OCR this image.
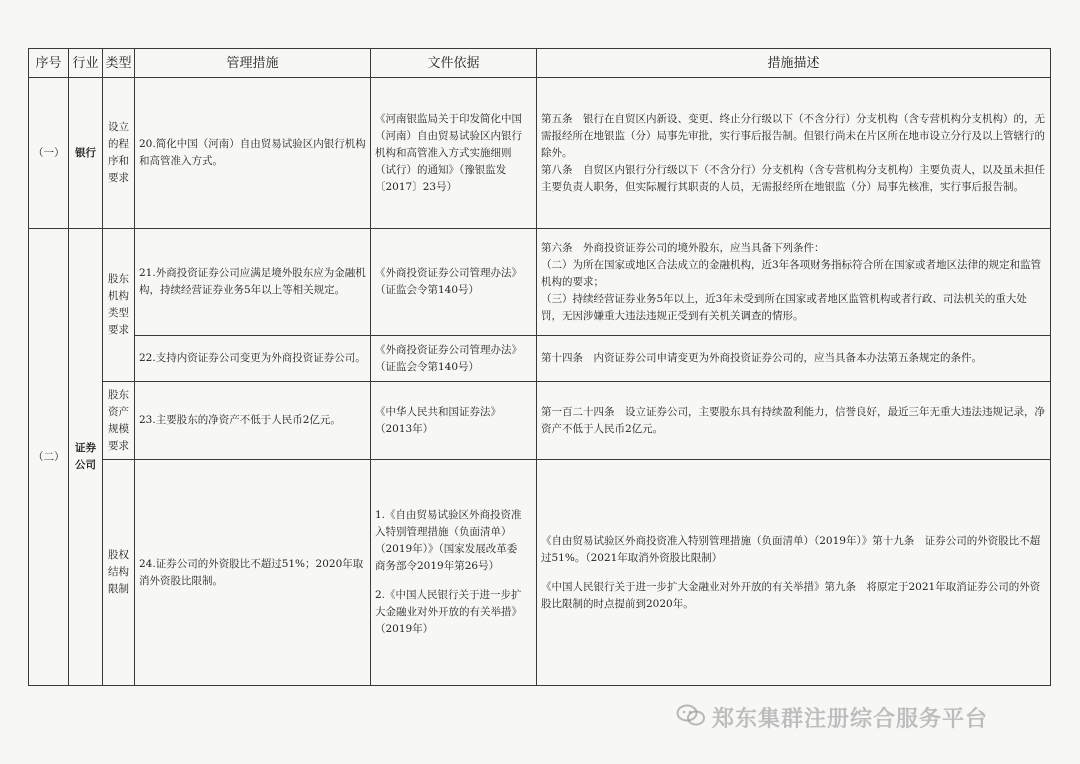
序号	行业	类型	管理措施	文件依据	措施描述
（一）	银行	设立的程序和要求	20.简化中国（河南）自由贸易试验区内银行机构和高管准入方式。	《河南银监局关于印发简化中国（河南）自由贸易试验区内银行机构和高管准入方式实施细则（试行）的通知》（豫银监发〔2017〕23号）	第五条　银行在自贸区内新设、变更、终止分行级以下（不含分行）分支机构（含专营机构分支机构）的，无需报经所在地银监（分）局事先审批，实行事后报告制。但银行尚未在片区所在地市设立分行及以上管辖行的除外。
第八条　自贸区内银行分行级以下（不含分行）分支机构（含专营机构分支机构）主要负责人，以及虽未担任主要负责人职务，但实际履行其职责的人员，无需报经所在地银监（分）局事先核准，实行事后报告制。

（二）	证券公司	股东机构类型要求	21.外商投资证券公司应满足境外股东应为金融机构，持续经营证券业务5年以上等相关规定。	《外商投资证券公司管理办法》（证监会令第140号）	第六条　外商投资证券公司的境外股东，应当具备下列条件：
（二）为所在国家或地区合法成立的金融机构，近3年各项财务指标符合所在国家或者地区法律的规定和监管机构的要求；
（三）持续经营证券业务5年以上，近3年未受到所在国家或者地区监管机构或者行政、司法机关的重大处罚，无因涉嫌重大违法违规正受到有关机关调查的情形。

			22.支持内资证券公司变更为外商投资证券公司。	《外商投资证券公司管理办法》（证监会令第140号）	第十四条　内资证券公司申请变更为外商投资证券公司的，应当具备本办法第五条规定的条件。

		股东资产规模要求	23.主要股东的净资产不低于人民币2亿元。	《中华人民共和国证券法》（2013年）	第一百二十四条　设立证券公司，主要股东具有持续盈利能力，信誉良好，最近三年无重大违法违规记录，净资产不低于人民币2亿元。

		股权结构限制	24.证券公司的外资股比不超过51%；2020年取消外资股比限制。	1.《自由贸易试验区外商投资准入特别管理措施（负面清单）（2019年）》（国家发展改革委　商务部令2019年第26号）
2.《中国人民银行关于进一步扩大金融业对外开放的有关举措》（2019年）	《自由贸易试验区外商投资准入特别管理措施（负面清单）（2019年）》第十九条　证券公司的外资股比不超过51%。（2021年取消外资股比限制）
《中国人民银行关于进一步扩大金融业对外开放的有关举措》第九条　将原定于2021年取消证券公司的外资股比限制的时点提前到2020年。
郑东集群注册综合服务平台
